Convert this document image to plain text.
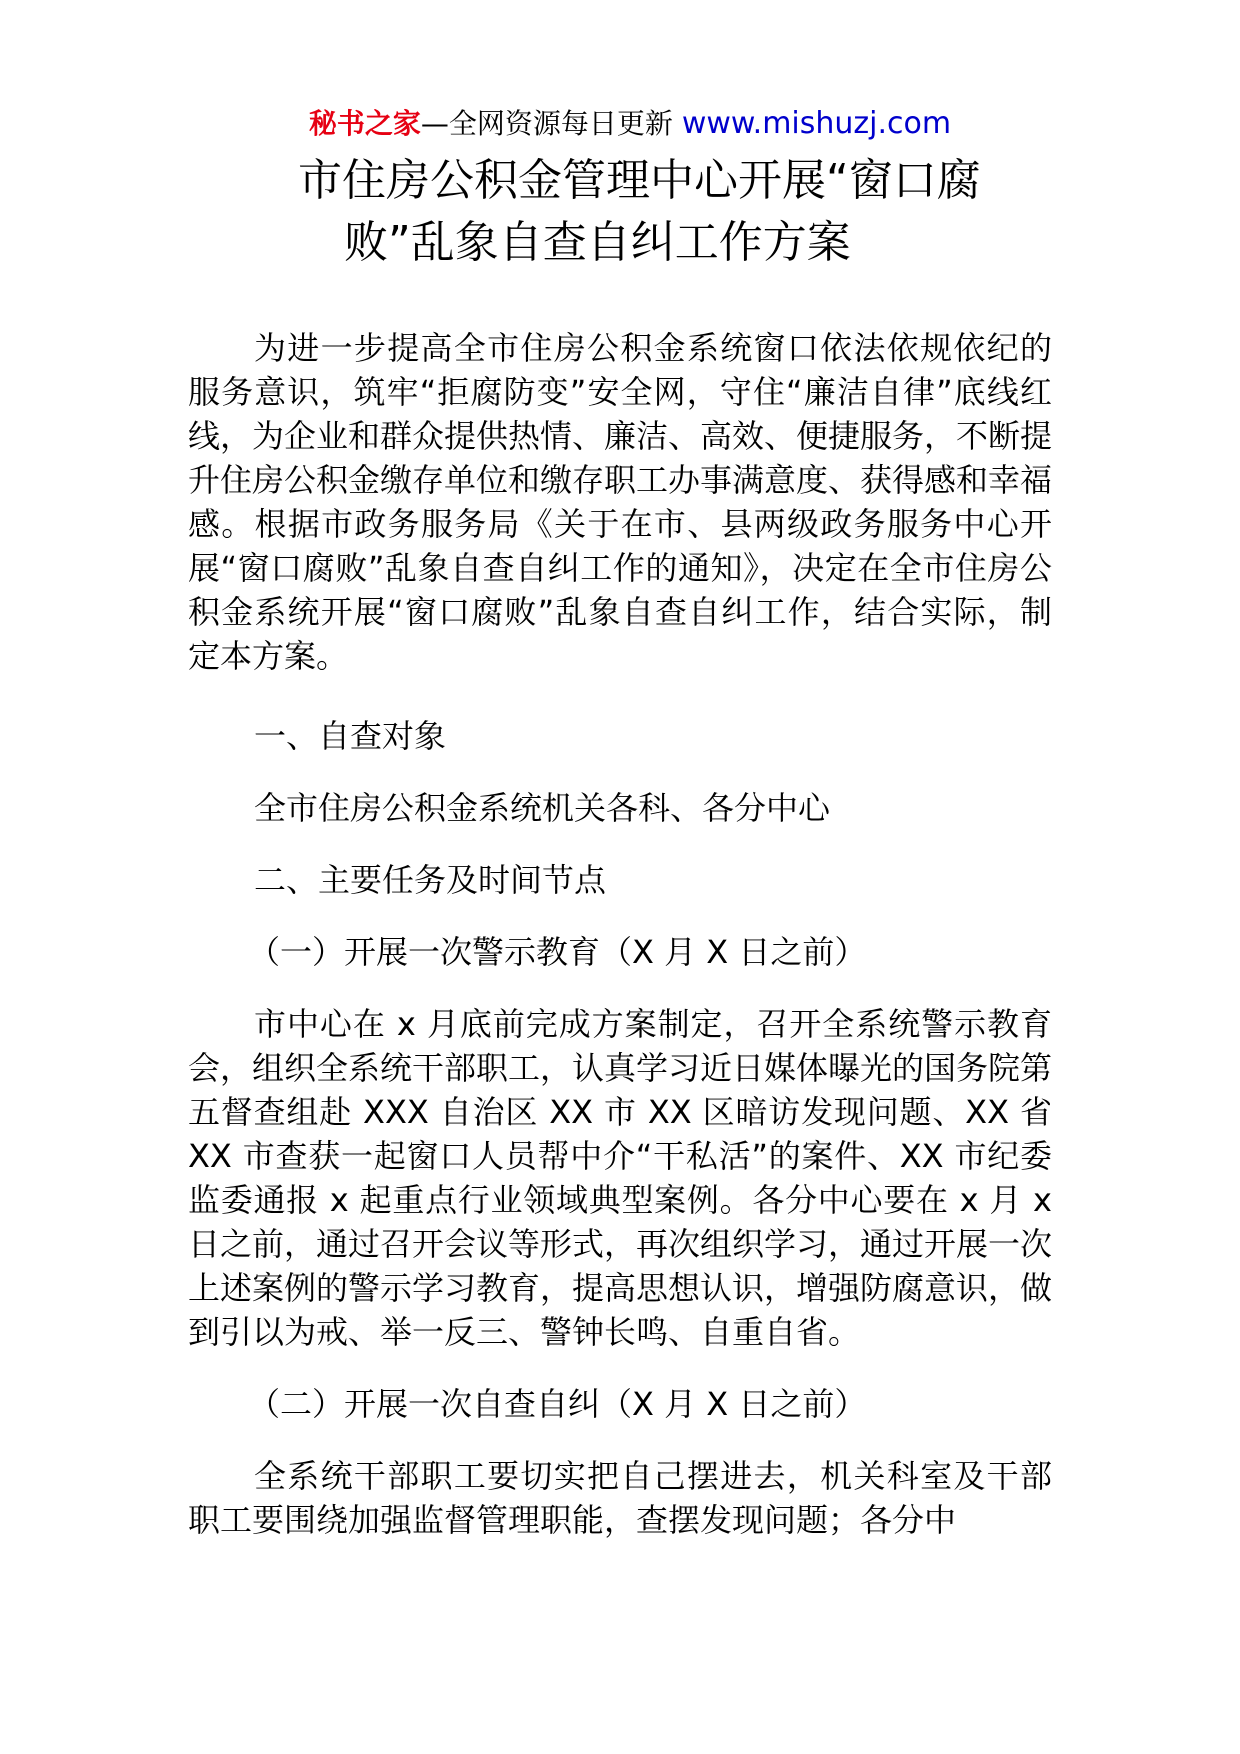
秘书之家—全网资源每日更新 www.mishuzj.com
市住房公积金管理中心开展“窗口腐
败”乱象自查自纠工作方案

为进一步提高全市住房公积金系统窗口依法依规依纪的服务意识，筑牢“拒腐防变”安全网，守住“廉洁自律”底线红线，为企业和群众提供热情、廉洁、高效、便捷服务，不断提升住房公积金缴存单位和缴存职工办事满意度、获得感和幸福感。根据市政务服务局《关于在市、县两级政务服务中心开展“窗口腐败”乱象自查自纠工作的通知》，决定在全市住房公积金系统开展“窗口腐败”乱象自查自纠工作，结合实际，制定本方案。

一、自查对象

全市住房公积金系统机关各科、各分中心

二、主要任务及时间节点

（一）开展一次警示教育（X 月 X 日之前）

市中心在 x 月底前完成方案制定，召开全系统警示教育会，组织全系统干部职工，认真学习近日媒体曝光的国务院第五督查组赴 XXX 自治区 XX 市 XX 区暗访发现问题、XX 省 XX 市查获一起窗口人员帮中介“干私活”的案件、XX 市纪委监委通报 x 起重点行业领域典型案例。各分中心要在 x 月 x 日之前，通过召开会议等形式，再次组织学习，通过开展一次上述案例的警示学习教育，提高思想认识，增强防腐意识，做到引以为戒、举一反三、警钟长鸣、自重自省。

（二）开展一次自查自纠（X 月 X 日之前）

全系统干部职工要切实把自己摆进去，机关科室及干部职工要围绕加强监督管理职能，查摆发现问题；各分中
